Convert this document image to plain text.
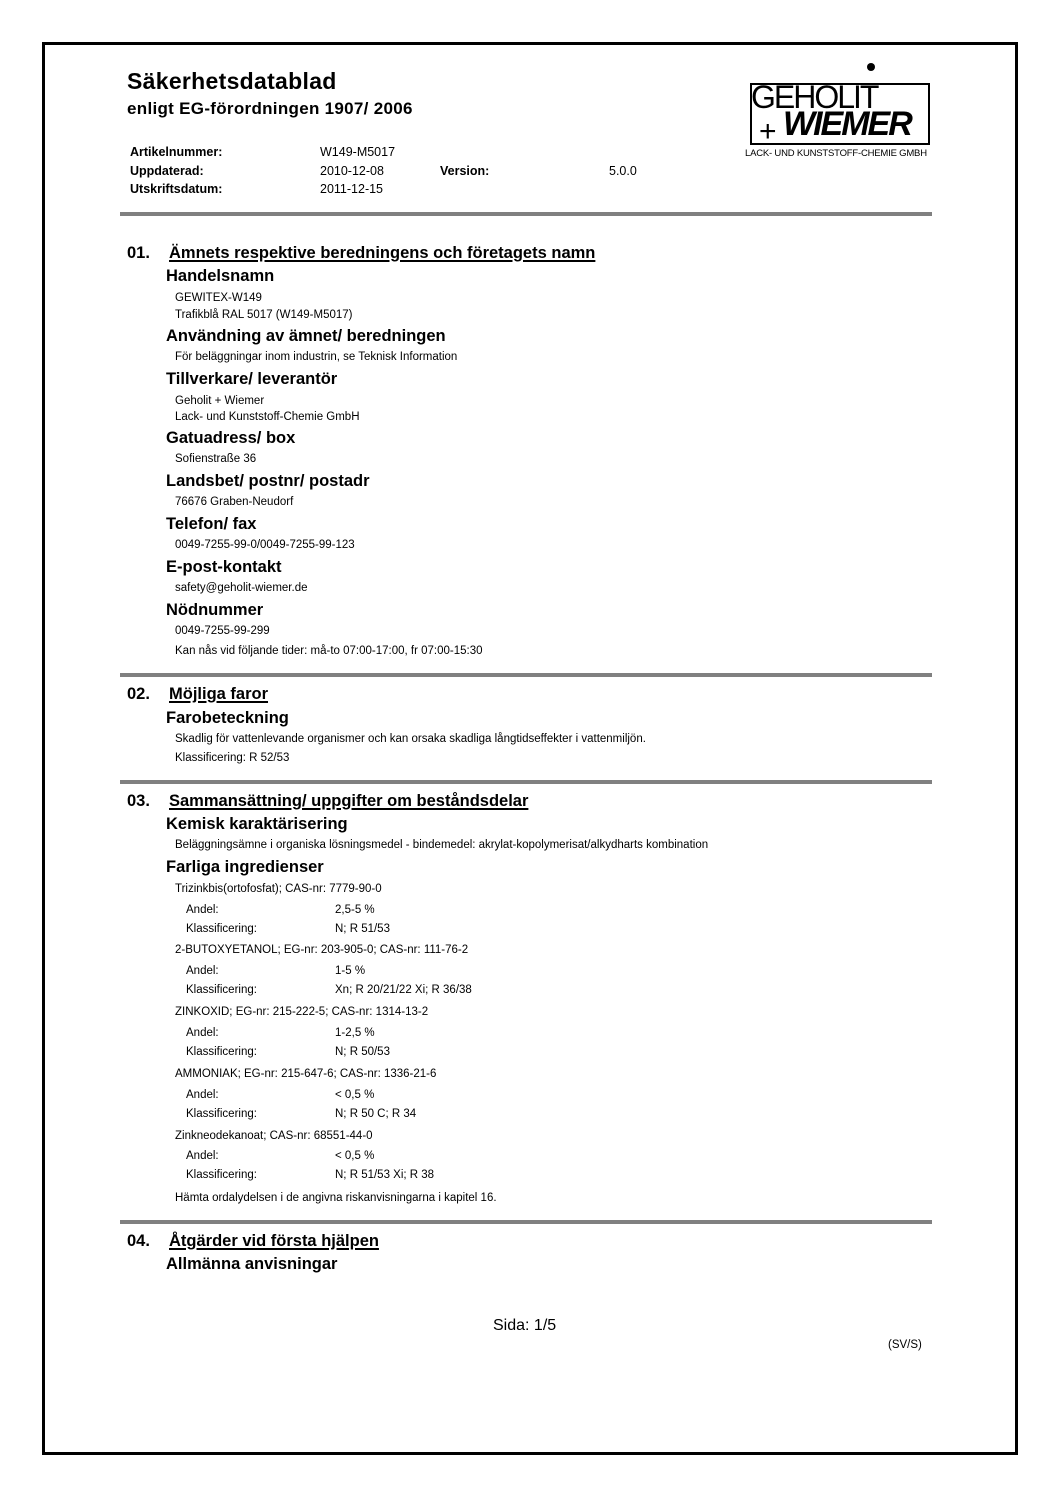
Säkerhetsdatablad
enligt EG-förordningen 1907/ 2006
Artikelnummer:	W149-M5017
Uppdaterad:	2010-12-08	Version:	5.0.0
Utskriftsdatum:	2011-12-15
GEHOLIT
+ WIEMER
LACK- UND KUNSTSTOFF-CHEMIE GMBH
01. Ämnets respektive beredningens och företagets namn
Handelsnamn
GEWITEX-W149
Trafikblå RAL 5017 (W149-M5017)
Användning av ämnet/ beredningen
För beläggningar inom industrin, se Teknisk Information
Tillverkare/ leverantör
Geholit + Wiemer
Lack- und Kunststoff-Chemie GmbH
Gatuadress/ box
Sofienstraße 36
Landsbet/ postnr/ postadr
76676 Graben-Neudorf
Telefon/ fax
0049-7255-99-0/0049-7255-99-123
E-post-kontakt
safety@geholit-wiemer.de
Nödnummer
0049-7255-99-299
Kan nås vid följande tider: må-to 07:00-17:00, fr 07:00-15:30
02. Möjliga faror
Farobeteckning
Skadlig för vattenlevande organismer och kan orsaka skadliga långtidseffekter i vattenmiljön.
Klassificering: R 52/53
03. Sammansättning/ uppgifter om beståndsdelar
Kemisk karaktärisering
Beläggningsämne i organiska lösningsmedel - bindemedel: akrylat-kopolymerisat/alkydharts kombination
Farliga ingredienser
Trizinkbis(ortofosfat); CAS-nr: 7779-90-0
Andel:	2,5-5 %
Klassificering:	N; R 51/53
2-BUTOXYETANOL; EG-nr: 203-905-0; CAS-nr: 111-76-2
Andel:	1-5 %
Klassificering:	Xn; R 20/21/22 Xi; R 36/38
ZINKOXID; EG-nr: 215-222-5; CAS-nr: 1314-13-2
Andel:	1-2,5 %
Klassificering:	N; R 50/53
AMMONIAK; EG-nr: 215-647-6; CAS-nr: 1336-21-6
Andel:	< 0,5 %
Klassificering:	N; R 50 C; R 34
Zinkneodekanoat; CAS-nr: 68551-44-0
Andel:	< 0,5 %
Klassificering:	N; R 51/53 Xi; R 38
Hämta ordalydelsen i de angivna riskanvisningarna i kapitel 16.
04. Åtgärder vid första hjälpen
Allmänna anvisningar
Sida: 1/5
(SV/S)
